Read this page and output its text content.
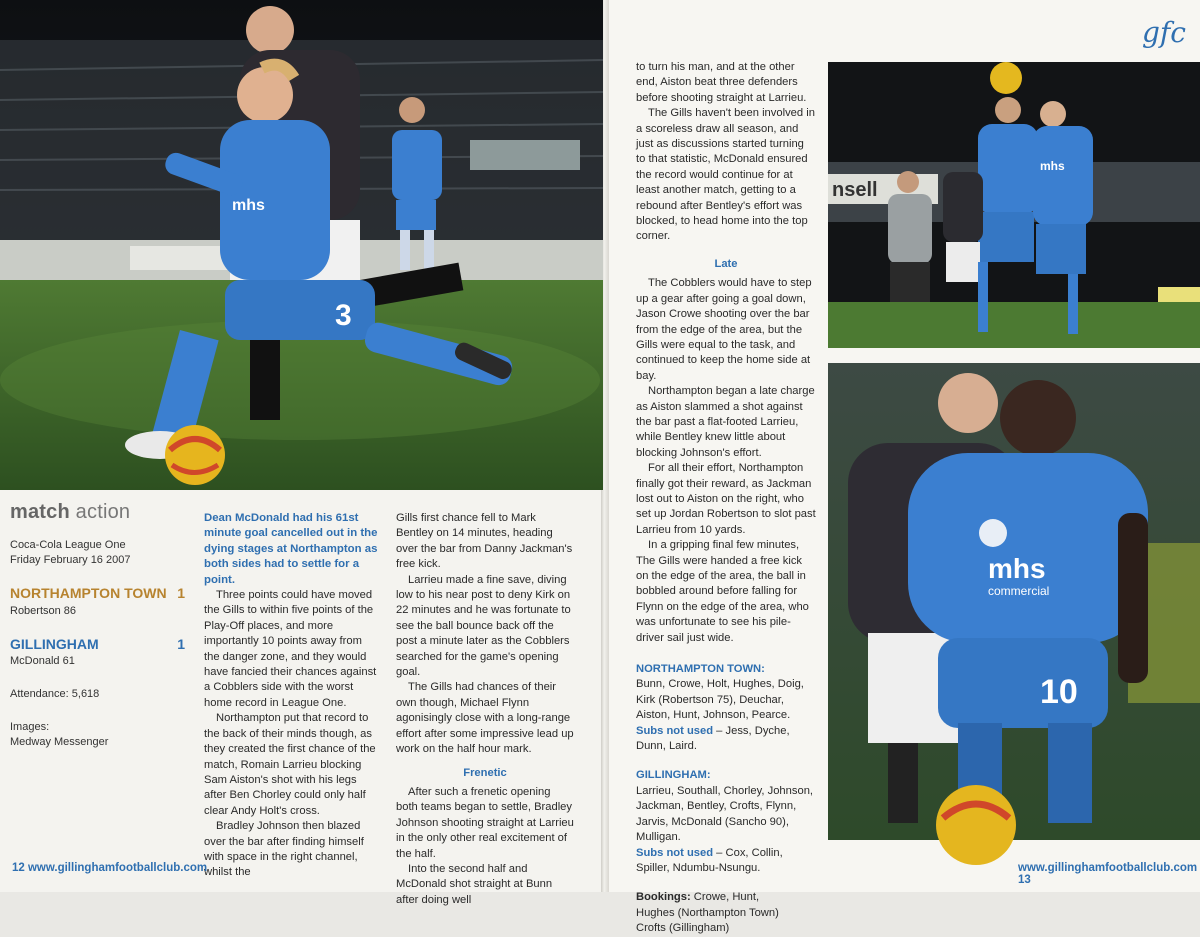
3
mhs
match action
Coca-Cola League One
Friday February 16 2007
NORTHAMPTON TOWN 1
Robertson 86
GILLINGHAM	1
McDonald 61
Attendance: 5,618
Images:
Medway Messenger

Dean McDonald had his 61st minute goal cancelled out in the dying stages at Northampton as both sides had to settle for a point.

Three points could have moved the Gills to within five points of the Play-Off places, and more importantly 10 points away from the danger zone, and they would have fancied their chances against a Cobblers side with the worst home record in League One.

Northampton put that record to the back of their minds though, as they created the first chance of the match, Romain Larrieu blocking Sam Aiston's shot with his legs after Ben Chorley could only half clear Andy Holt's cross.

Bradley Johnson then blazed over the bar after finding himself with space in the right channel, whilst the

Gills first chance fell to Mark Bentley on 14 minutes, heading over the bar from Danny Jackman's free kick.

Larrieu made a fine save, diving low to his near post to deny Kirk on 22 minutes and he was fortunate to see the ball bounce back off the post a minute later as the Cobblers searched for the game's opening goal.

The Gills had chances of their own though, Michael Flynn agonisingly close with a long-range effort after some impressive lead up work on the half hour mark.

Frenetic

After such a frenetic opening both teams began to settle, Bradley Johnson shooting straight at Larrieu in the only other real excitement of the half.

Into the second half and McDonald shot straight at Bunn after doing well

12 www.gillinghamfootballclub.com
gfc

to turn his man, and at the other end, Aiston beat three defenders before shooting straight at Larrieu.

The Gills haven't been involved in a scoreless draw all season, and just as discussions started turning to that statistic, McDonald ensured the record would continue for at least another match, getting to a rebound after Bentley's effort was blocked, to head home into the top corner.

Late

The Cobblers would have to step up a gear after going a goal down, Jason Crowe shooting over the bar from the edge of the area, but the Gills were equal to the task, and continued to keep the home side at bay.

Northampton began a late charge as Aiston slammed a shot against the bar past a flat-footed Larrieu, while Bentley knew little about blocking Johnson's effort.

For all their effort, Northampton finally got their reward, as Jackman lost out to Aiston on the right, who set up Jordan Robertson to slot past Larrieu from 10 yards.

In a gripping final few minutes, The Gills were handed a free kick on the edge of the area, the ball in bobbled around before falling for Flynn on the edge of the area, who was unfortunate to see his pile-driver sail just wide.

NORTHAMPTON TOWN:
Bunn, Crowe, Holt, Hughes, Doig, Kirk (Robertson 75), Deuchar, Aiston, Hunt, Johnson, Pearce.
Subs not used – Jess, Dyche, Dunn, Laird.
GILLINGHAM:
Larrieu, Southall, Chorley, Johnson, Jackman, Bentley, Crofts, Flynn, Jarvis, McDonald (Sancho 90), Mulligan.
Subs not used – Cox, Collin, Spiller, Ndumbu-Nsungu.
Bookings: Crowe, Hunt, Hughes (Northampton Town) Crofts (Gillingham)
nsell
mhs
mhs
commercial
10
www.gillinghamfootballclub.com 13
